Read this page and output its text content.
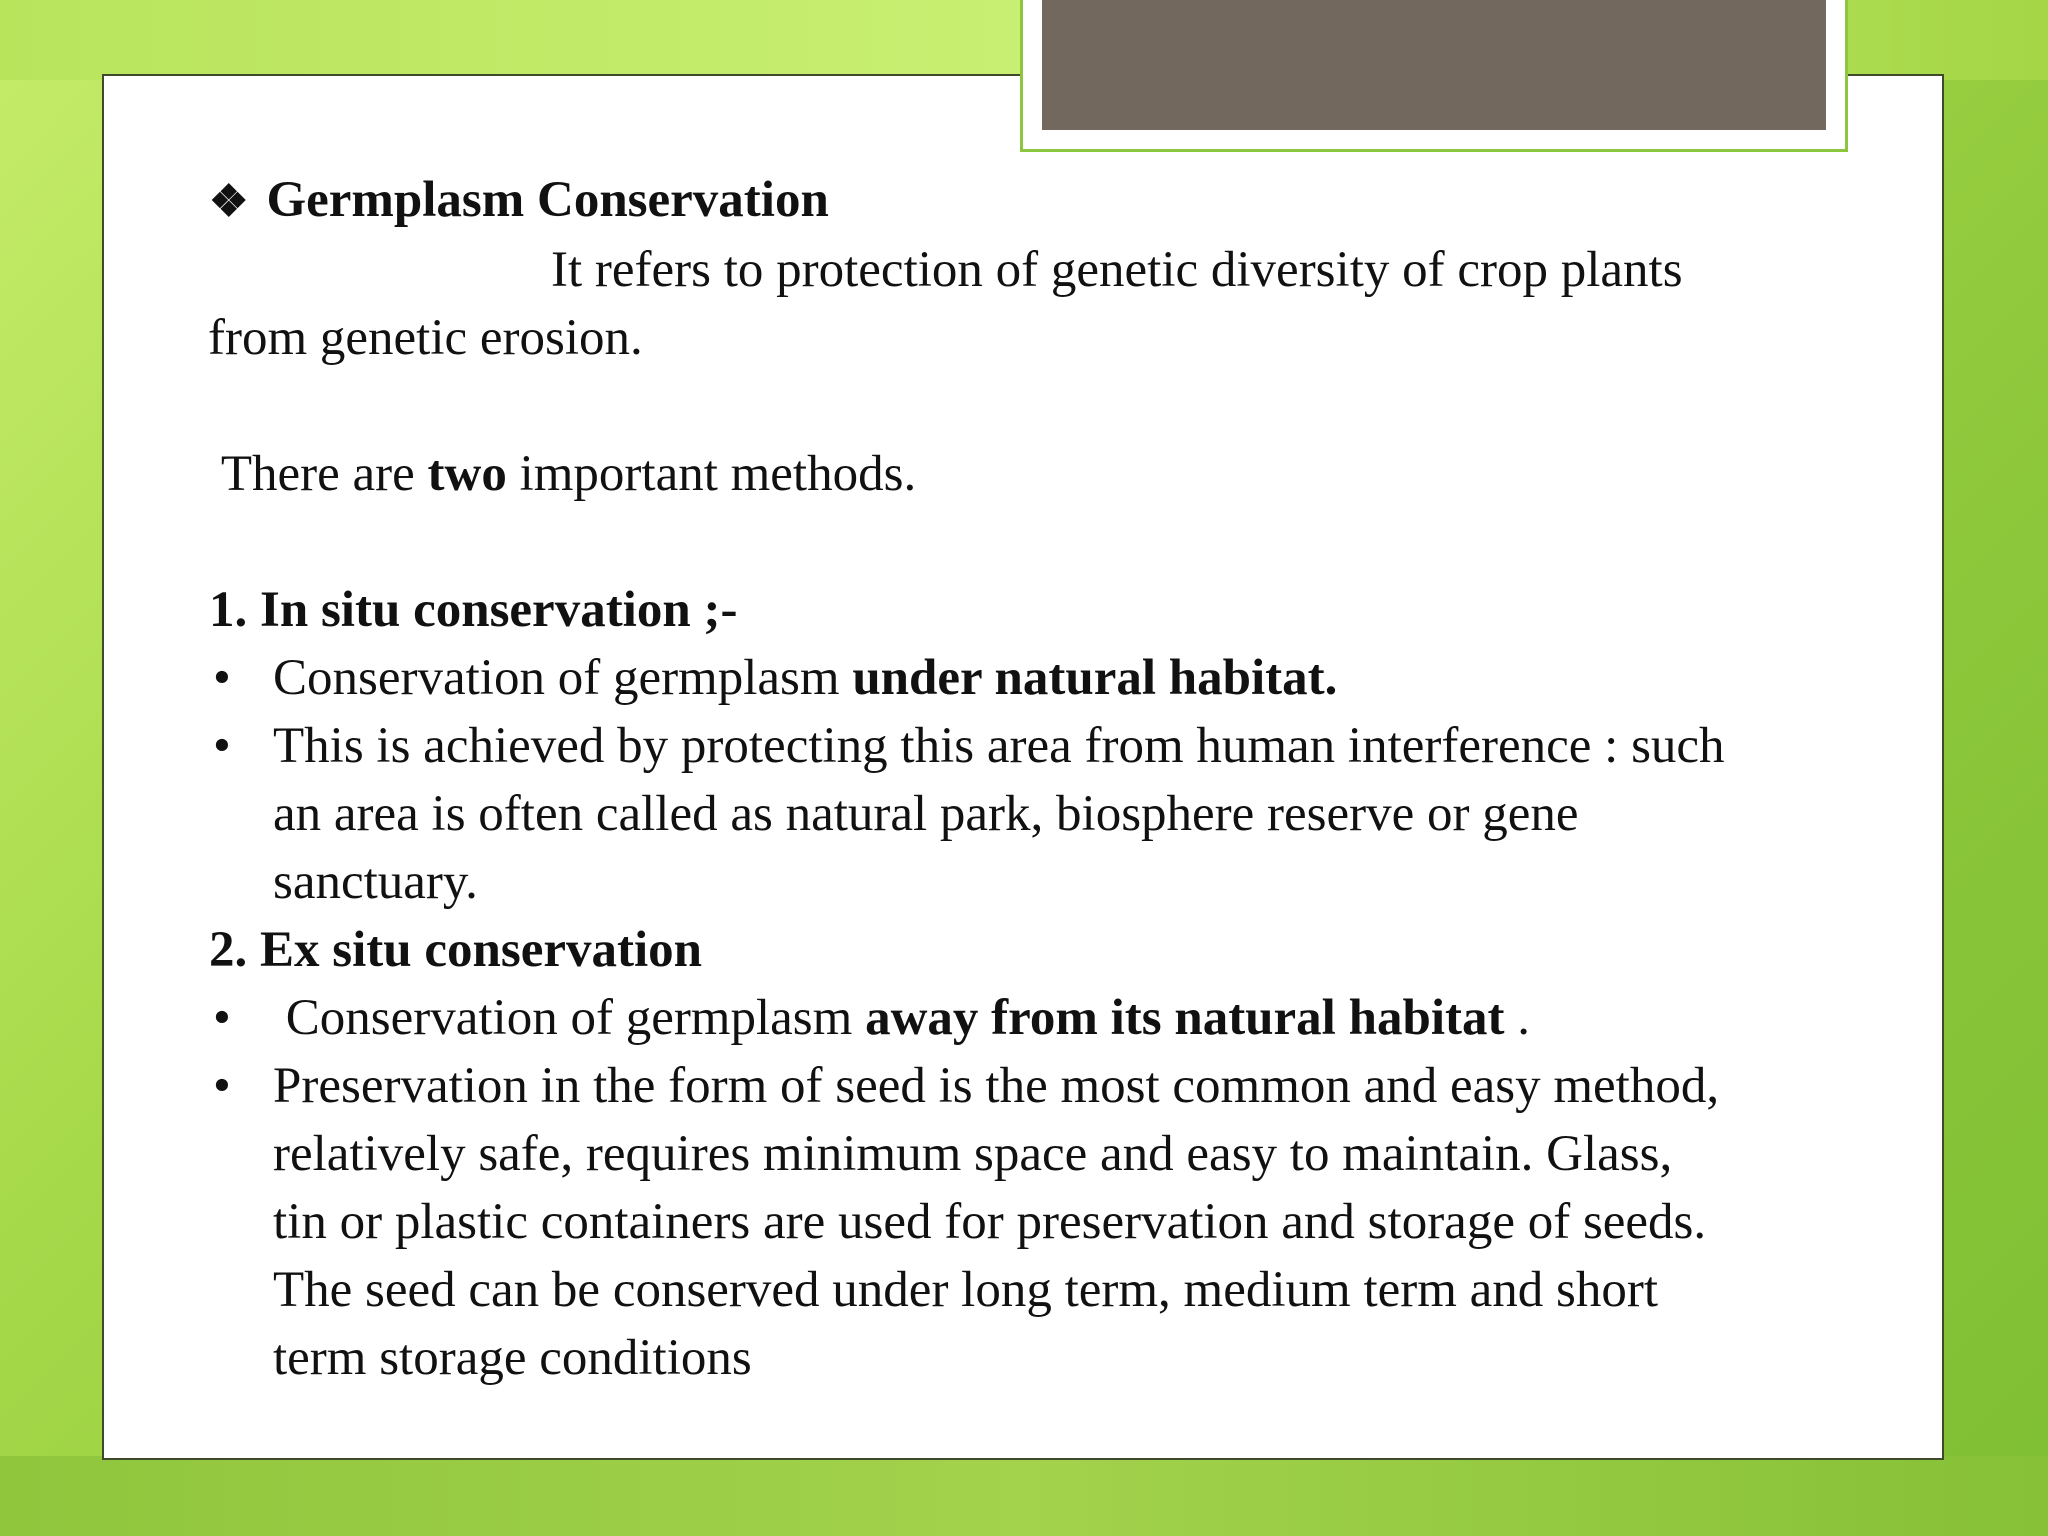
❖ Germplasm Conservation
It refers to protection of genetic diversity of crop plants
from genetic erosion.
There are two important methods.
1. In situ conservation ;-
• Conservation of germplasm under natural habitat.
• This is achieved by protecting this area from human interference : such
an area is often called as natural park, biosphere reserve or gene
sanctuary.
2. Ex situ conservation
• Conservation of germplasm away from its natural habitat .
• Preservation in the form of seed is the most common and easy method,
relatively safe, requires minimum space and easy to maintain. Glass,
tin or plastic containers are used for preservation and storage of seeds.
The seed can be conserved under long term, medium term and short
term storage conditions
